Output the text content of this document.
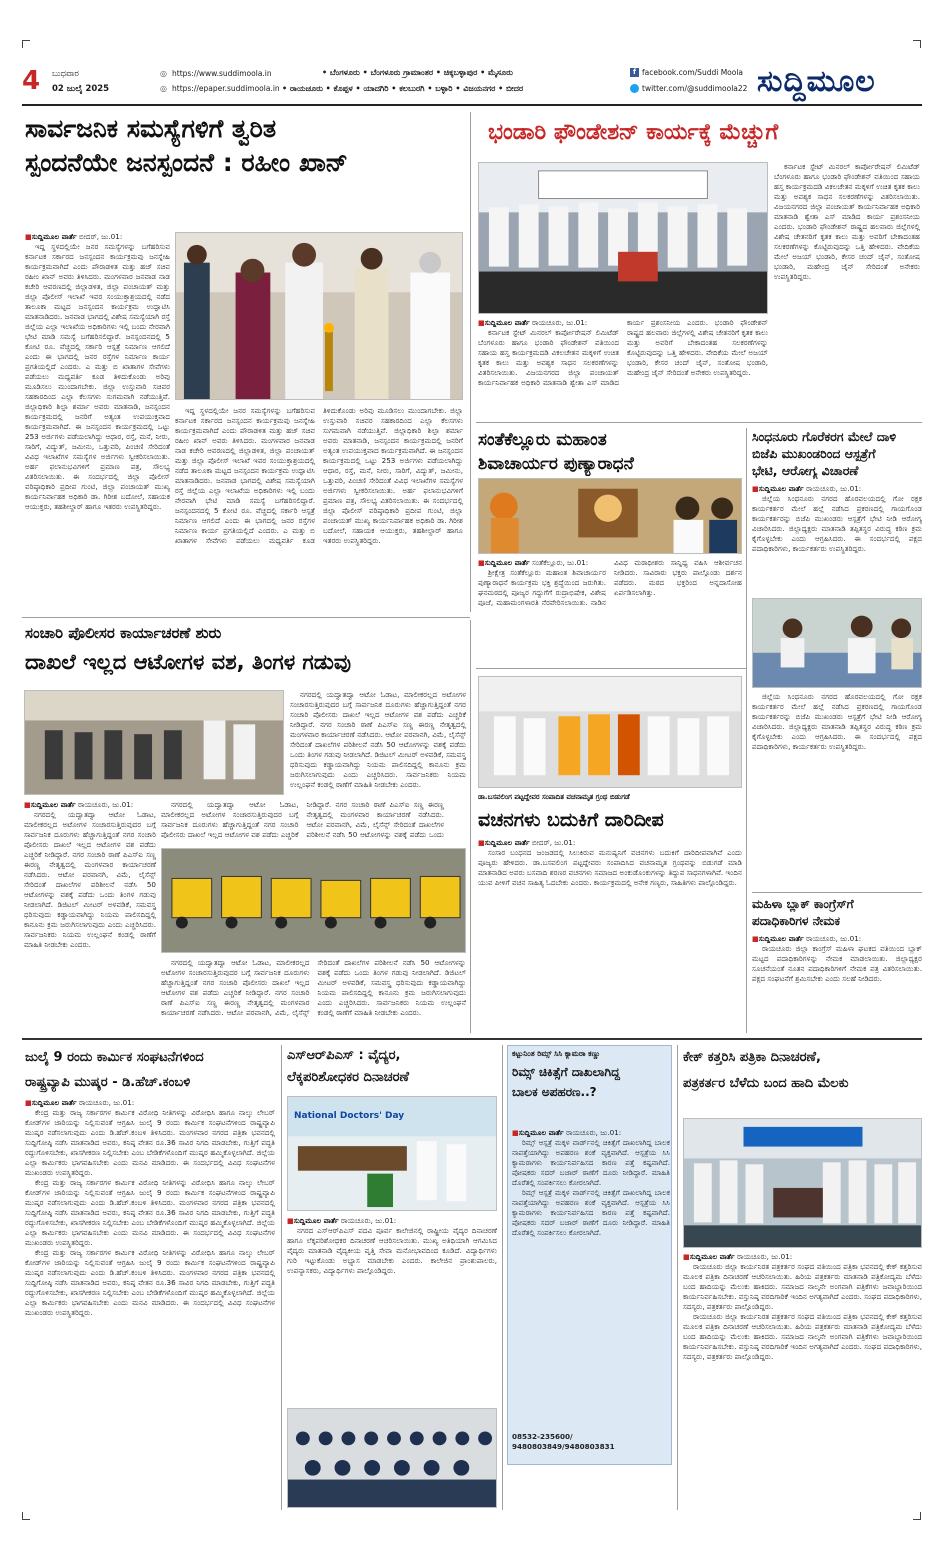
4 ಬುಧವಾರ
02 ಜುಲೈ 2025
◎ https://www.suddimoola.in
◎ https://epaper.suddimoola.in
• ಬೆಂಗಳೂರು • ಬೆಂಗಳೂರು ಗ್ರಾಮಾಂತರ • ಚಿಕ್ಕಬಳ್ಳಾಪುರ • ಮೈಸೂರು
• ರಾಯಚೂರು • ಕೊಪ್ಪಳ • ಯಾದಗಿರಿ • ಕಲಬುರಗಿ • ಬಳ್ಳಾರಿ • ವಿಜಯನಗರ • ಬೀದರ
f facebook.com/Suddi Moola
twitter.com/@suddimoola22 ಸುದ್ದಿಮೂಲ
ಸಾರ್ವಜನಿಕ ಸಮಸ್ಯೆಗಳಿಗೆ ತ್ವರಿತ
ಸ್ಪಂದನೆಯೇ ಜನಸ್ಪಂದನೆ : ರಹೀಂ ಖಾನ್
■ಸುದ್ದಿಮೂಲ ವಾರ್ತೆ ಬೀದರ್, ಜು.01:

ಇದ್ದ ಸ್ಥಳದಲ್ಲಿಯೇ ಜನರ ಸಮಸ್ಯೆಗಳನ್ನು ಬಗೆಹರಿಸುವ ಕರ್ನಾಟಕ ಸರ್ಕಾರದ ಜನಸ್ಪಂದನ ಕಾರ್ಯಕ್ರಮವು ಜನಸ್ನೇಹಿ ಕಾರ್ಯಕ್ರಮವಾಗಿದೆ ಎಂದು ಪೌರಾಡಳಿತ ಮತ್ತು ಹಜ್ ಸಚಿವ ರಹೀಂ ಖಾನ್ ಅವರು ತಿಳಿಸಿದರು. ಮಂಗಳವಾರ ಜನವಾಡ ನಾಡ ಕಚೇರಿ ಆವರಣದಲ್ಲಿ ಜಿಲ್ಲಾಡಳಿತ, ಜಿಲ್ಲಾ ಪಂಚಾಯತ್ ಮತ್ತು ಜಿಲ್ಲಾ ಪೊಲೀಸ್ ಇಲಾಖೆ ಇವರ ಸಂಯುಕ್ತಾಶ್ರಯದಲ್ಲಿ ನಡೆದ ತಾಲೂಕಾ ಮಟ್ಟದ ಜನಸ್ಪಂದನ ಕಾರ್ಯಕ್ರಮ ಉದ್ಘಾಟಿಸಿ ಮಾತನಾಡಿದರು. ಜನವಾಡ ಭಾಗದಲ್ಲಿ ವಿಶೇಷ ಸಮಸ್ಯೆಯಾಗಿ ರಸ್ತೆ ಜಿಲ್ಲೆಯ ಎಲ್ಲಾ ಇಲಾಖೆಯ ಅಧಿಕಾರಿಗಳು ಇಲ್ಲಿ ಬಂದು ನೇರವಾಗಿ ಭೇಟಿ ಮಾಡಿ ಸಮಸ್ಯೆ ಬಗೆಹರಿಸಲಿದ್ದಾರೆ. ಜನಸ್ಪಂದನದಲ್ಲಿ 5 ಕೋಟಿ ರೂ. ವೆಚ್ಚದಲ್ಲಿ ಸರ್ಕಾರಿ ಆಸ್ಪತ್ರೆ ನಿರ್ಮಾಣ ಆಗಲಿದೆ ಎಂದು ಈ ಭಾಗದಲ್ಲಿ ಜನರ ರಸ್ತೆಗಳ ನಿರ್ಮಾಣ ಕಾರ್ಯ ಪ್ರಗತಿಯಲ್ಲಿದೆ ಎಂದರು. ಎ ಮತ್ತು ಬಿ ಖಾತಾಗಳ ಸೇವೆಗಳು ಪಡೆಯಲು ಮಧ್ಯವರ್ತಿ ಕೂಡ ತಿಳಿದುಕೊಂಡು ಅರಿವು ಮೂಡಿಸಲು ಮುಂದಾಗಬೇಕು. ಜಿಲ್ಲಾ ಉಸ್ತುವಾರಿ ಸಚಿವರ ಸಹಕಾರದಿಂದ ಎಲ್ಲಾ ಕೆಲಸಗಳು ಸುಗಮವಾಗಿ ನಡೆಯುತ್ತಿವೆ. ಜಿಲ್ಲಾಧಿಕಾರಿ ಶಿಲ್ಪಾ ಶರ್ಮಾ ಅವರು ಮಾತನಾಡಿ, ಜನಸ್ಪಂದನ ಕಾರ್ಯಕ್ರಮದಲ್ಲಿ ಜನರಿಗೆ ಅತ್ಯಂತ ಉಪಯುಕ್ತವಾದ ಕಾರ್ಯಕ್ರಮವಾಗಿದೆ. ಈ ಜನಸ್ಪಂದನ ಕಾರ್ಯಕ್ರಮದಲ್ಲಿ ಒಟ್ಟು 253 ಅರ್ಜಿಗಳು ಪಡೆಯಲಾಗಿದ್ದು ಆಧಾರ, ರಸ್ತೆ, ಮನೆ, ನೀರು, ಸಾರಿಗೆ, ವಿದ್ಯುತ್, ಜಮೀನು, ಒತ್ತುವರಿ, ಪಿಂಚಣಿ ಸೇರಿದಂತೆ ವಿವಿಧ ಇಲಾಖೆಗಳ ಸಮಸ್ಯೆಗಳ ಅರ್ಜಿಗಳು ಸ್ವೀಕರಿಸಲಾಯಿತು. ಅರ್ಹ ಫಲಾನುಭವಿಗಳಿಗೆ ಪ್ರಮಾಣ ಪತ್ರ, ಸೌಲಭ್ಯ ವಿತರಿಸಲಾಯಿತು. ಈ ಸಂದರ್ಭದಲ್ಲಿ ಜಿಲ್ಲಾ ಪೊಲೀಸ್ ವರಿಷ್ಠಾಧಿಕಾರಿ ಪ್ರದೀಪ ಗುಂಟಿ, ಜಿಲ್ಲಾ ಪಂಚಾಯತ್ ಮುಖ್ಯ ಕಾರ್ಯನಿರ್ವಾಹಕ ಅಧಿಕಾರಿ ಡಾ. ಗಿರೀಶ ಬದೋಲೆ, ಸಹಾಯಕ ಆಯುಕ್ತರು, ತಹಶೀಲ್ದಾರ್ ಹಾಗೂ ಇತರರು ಉಪಸ್ಥಿತರಿದ್ದರು.

ಇದ್ದ ಸ್ಥಳದಲ್ಲಿಯೇ ಜನರ ಸಮಸ್ಯೆಗಳನ್ನು ಬಗೆಹರಿಸುವ ಕರ್ನಾಟಕ ಸರ್ಕಾರದ ಜನಸ್ಪಂದನ ಕಾರ್ಯಕ್ರಮವು ಜನಸ್ನೇಹಿ ಕಾರ್ಯಕ್ರಮವಾಗಿದೆ ಎಂದು ಪೌರಾಡಳಿತ ಮತ್ತು ಹಜ್ ಸಚಿವ ರಹೀಂ ಖಾನ್ ಅವರು ತಿಳಿಸಿದರು. ಮಂಗಳವಾರ ಜನವಾಡ ನಾಡ ಕಚೇರಿ ಆವರಣದಲ್ಲಿ ಜಿಲ್ಲಾಡಳಿತ, ಜಿಲ್ಲಾ ಪಂಚಾಯತ್ ಮತ್ತು ಜಿಲ್ಲಾ ಪೊಲೀಸ್ ಇಲಾಖೆ ಇವರ ಸಂಯುಕ್ತಾಶ್ರಯದಲ್ಲಿ ನಡೆದ ತಾಲೂಕಾ ಮಟ್ಟದ ಜನಸ್ಪಂದನ ಕಾರ್ಯಕ್ರಮ ಉದ್ಘಾಟಿಸಿ ಮಾತನಾಡಿದರು. ಜನವಾಡ ಭಾಗದಲ್ಲಿ ವಿಶೇಷ ಸಮಸ್ಯೆಯಾಗಿ ರಸ್ತೆ ಜಿಲ್ಲೆಯ ಎಲ್ಲಾ ಇಲಾಖೆಯ ಅಧಿಕಾರಿಗಳು ಇಲ್ಲಿ ಬಂದು ನೇರವಾಗಿ ಭೇಟಿ ಮಾಡಿ ಸಮಸ್ಯೆ ಬಗೆಹರಿಸಲಿದ್ದಾರೆ. ಜನಸ್ಪಂದನದಲ್ಲಿ 5 ಕೋಟಿ ರೂ. ವೆಚ್ಚದಲ್ಲಿ ಸರ್ಕಾರಿ ಆಸ್ಪತ್ರೆ ನಿರ್ಮಾಣ ಆಗಲಿದೆ ಎಂದು ಈ ಭಾಗದಲ್ಲಿ ಜನರ ರಸ್ತೆಗಳ ನಿರ್ಮಾಣ ಕಾರ್ಯ ಪ್ರಗತಿಯಲ್ಲಿದೆ ಎಂದರು. ಎ ಮತ್ತು ಬಿ ಖಾತಾಗಳ ಸೇವೆಗಳು ಪಡೆಯಲು ಮಧ್ಯವರ್ತಿ ಕೂಡ ತಿಳಿದುಕೊಂಡು ಅರಿವು ಮೂಡಿಸಲು ಮುಂದಾಗಬೇಕು. ಜಿಲ್ಲಾ ಉಸ್ತುವಾರಿ ಸಚಿವರ ಸಹಕಾರದಿಂದ ಎಲ್ಲಾ ಕೆಲಸಗಳು ಸುಗಮವಾಗಿ ನಡೆಯುತ್ತಿವೆ. ಜಿಲ್ಲಾಧಿಕಾರಿ ಶಿಲ್ಪಾ ಶರ್ಮಾ ಅವರು ಮಾತನಾಡಿ, ಜನಸ್ಪಂದನ ಕಾರ್ಯಕ್ರಮದಲ್ಲಿ ಜನರಿಗೆ ಅತ್ಯಂತ ಉಪಯುಕ್ತವಾದ ಕಾರ್ಯಕ್ರಮವಾಗಿದೆ. ಈ ಜನಸ್ಪಂದನ ಕಾರ್ಯಕ್ರಮದಲ್ಲಿ ಒಟ್ಟು 253 ಅರ್ಜಿಗಳು ಪಡೆಯಲಾಗಿದ್ದು ಆಧಾರ, ರಸ್ತೆ, ಮನೆ, ನೀರು, ಸಾರಿಗೆ, ವಿದ್ಯುತ್, ಜಮೀನು, ಒತ್ತುವರಿ, ಪಿಂಚಣಿ ಸೇರಿದಂತೆ ವಿವಿಧ ಇಲಾಖೆಗಳ ಸಮಸ್ಯೆಗಳ ಅರ್ಜಿಗಳು ಸ್ವೀಕರಿಸಲಾಯಿತು. ಅರ್ಹ ಫಲಾನುಭವಿಗಳಿಗೆ ಪ್ರಮಾಣ ಪತ್ರ, ಸೌಲಭ್ಯ ವಿತರಿಸಲಾಯಿತು. ಈ ಸಂದರ್ಭದಲ್ಲಿ ಜಿಲ್ಲಾ ಪೊಲೀಸ್ ವರಿಷ್ಠಾಧಿಕಾರಿ ಪ್ರದೀಪ ಗುಂಟಿ, ಜಿಲ್ಲಾ ಪಂಚಾಯತ್ ಮುಖ್ಯ ಕಾರ್ಯನಿರ್ವಾಹಕ ಅಧಿಕಾರಿ ಡಾ. ಗಿರೀಶ ಬದೋಲೆ, ಸಹಾಯಕ ಆಯುಕ್ತರು, ತಹಶೀಲ್ದಾರ್ ಹಾಗೂ ಇತರರು ಉಪಸ್ಥಿತರಿದ್ದರು.

ಭಂಡಾರಿ ಫೌಂಡೇಶನ್ ಕಾರ್ಯಕ್ಕೆ ಮೆಚ್ಚುಗೆ
■ಸುದ್ದಿಮೂಲ ವಾರ್ತೆ ರಾಯಚೂರು, ಜು.01:

ಕರ್ನಾಟಕ ಸ್ಟೇಟ್ ಮಿನರಲ್ ಕಾರ್ಪೋರೇಷನ್ ಲಿಮಿಟೆಡ್ ಬೆಂಗಳೂರು ಹಾಗೂ ಭಂಡಾರಿ ಫೌಂಡೇಶನ್ ವತಿಯಿಂದ ಸಹಾಯ ಹಸ್ತ ಕಾರ್ಯಕ್ರಮದಡಿ ವಿಕಲಚೇತನ ಮಕ್ಕಳಿಗೆ ಉಚಿತ ಕೃತಕ ಕಾಲು ಮತ್ತು ಅವಶ್ಯಕ ಸಾಧನ ಸಲಕರಣೆಗಳನ್ನು ವಿತರಿಸಲಾಯಿತು. ವಿಜಯನಗರದ ಜಿಲ್ಲಾ ಪಂಚಾಯತ್ ಕಾರ್ಯನಿರ್ವಾಹಕ ಅಧಿಕಾರಿ ಮಾತನಾಡಿ ಶ್ವೇತಾ ಎಸ್ ಮಾಡಿದ ಕಾರ್ಯ ಪ್ರಶಂಸನೀಯ ಎಂದರು. ಭಂಡಾರಿ ಫೌಂಡೇಶನ್ ರಾಷ್ಟ್ರದ ಹಲವಾರು ಜಿಲ್ಲೆಗಳಲ್ಲಿ ವಿಶೇಷ ಚೇತನರಿಗೆ ಕೃತಕ ಕಾಲು ಮತ್ತು ಅವರಿಗೆ ಬೇಕಾದಂತಹ ಸಲಕರಣೆಗಳನ್ನು ಕೊಟ್ಟಿರುವುದನ್ನು ಒತ್ತಿ ಹೇಳಿದರು. ವೇದಿಕೆಯ ಮೇಲೆ ಅಜಯ್ ಭಂಡಾರಿ, ಕೇಸರ ಚಂದ್ ಜೈನ್, ಸಂತೋಷ ಭಂಡಾರಿ, ಮಹೇಂದ್ರ ಜೈನ್ ಸೇರಿದಂತೆ ಅನೇಕರು ಉಪಸ್ಥಿತರಿದ್ದರು.

ಕರ್ನಾಟಕ ಸ್ಟೇಟ್ ಮಿನರಲ್ ಕಾರ್ಪೋರೇಷನ್ ಲಿಮಿಟೆಡ್ ಬೆಂಗಳೂರು ಹಾಗೂ ಭಂಡಾರಿ ಫೌಂಡೇಶನ್ ವತಿಯಿಂದ ಸಹಾಯ ಹಸ್ತ ಕಾರ್ಯಕ್ರಮದಡಿ ವಿಕಲಚೇತನ ಮಕ್ಕಳಿಗೆ ಉಚಿತ ಕೃತಕ ಕಾಲು ಮತ್ತು ಅವಶ್ಯಕ ಸಾಧನ ಸಲಕರಣೆಗಳನ್ನು ವಿತರಿಸಲಾಯಿತು. ವಿಜಯನಗರದ ಜಿಲ್ಲಾ ಪಂಚಾಯತ್ ಕಾರ್ಯನಿರ್ವಾಹಕ ಅಧಿಕಾರಿ ಮಾತನಾಡಿ ಶ್ವೇತಾ ಎಸ್ ಮಾಡಿದ ಕಾರ್ಯ ಪ್ರಶಂಸನೀಯ ಎಂದರು. ಭಂಡಾರಿ ಫೌಂಡೇಶನ್ ರಾಷ್ಟ್ರದ ಹಲವಾರು ಜಿಲ್ಲೆಗಳಲ್ಲಿ ವಿಶೇಷ ಚೇತನರಿಗೆ ಕೃತಕ ಕಾಲು ಮತ್ತು ಅವರಿಗೆ ಬೇಕಾದಂತಹ ಸಲಕರಣೆಗಳನ್ನು ಕೊಟ್ಟಿರುವುದನ್ನು ಒತ್ತಿ ಹೇಳಿದರು. ವೇದಿಕೆಯ ಮೇಲೆ ಅಜಯ್ ಭಂಡಾರಿ, ಕೇಸರ ಚಂದ್ ಜೈನ್, ಸಂತೋಷ ಭಂಡಾರಿ, ಮಹೇಂದ್ರ ಜೈನ್ ಸೇರಿದಂತೆ ಅನೇಕರು ಉಪಸ್ಥಿತರಿದ್ದರು.

ಸಂತೆಕೆಲ್ಲೂರು ಮಹಾಂತ
ಶಿವಾಚಾರ್ಯರ ಪುಣ್ಯಾರಾಧನೆ
■ಸುದ್ದಿಮೂಲ ವಾರ್ತೆ ಸಂತೆಕೆಲ್ಲೂರು, ಜು.01:

ಶ್ರೀಕ್ಷೇತ್ರ ಸಂತೆಕೆಲ್ಲೂರು ಮಹಾಂತ ಶಿವಾಚಾರ್ಯರ ಪುಣ್ಯಾರಾಧನೆ ಕಾರ್ಯಕ್ರಮ ಭಕ್ತಿ ಶ್ರದ್ಧೆಯಿಂದ ಜರುಗಿತು. ಘನಮಠದಲ್ಲಿ ಪೂಜ್ಯರ ಗದ್ದುಗೆಗೆ ರುದ್ರಾಭಿಷೇಕ, ವಿಶೇಷ ಪೂಜೆ, ಮಹಾಮಂಗಳಾರತಿ ನೆರವೇರಿಸಲಾಯಿತು. ನಾಡಿನ ವಿವಿಧ ಮಠಾಧೀಶರು ಸಾನ್ನಿಧ್ಯ ವಹಿಸಿ ಆಶೀರ್ವಚನ ನೀಡಿದರು. ಸಾವಿರಾರು ಭಕ್ತರು ಪಾಲ್ಗೊಂಡು ದರ್ಶನ ಪಡೆದರು. ಮಠದ ಭಕ್ತರಿಂದ ಅನ್ನದಾಸೋಹ ಏರ್ಪಡಿಸಲಾಗಿತ್ತು.

ಸಿಂಧನೂರು ಗೊರೆಕರಗ ಮೇಲೆ ದಾಳಿ
ಬಿಜೆಪಿ ಮುಖಂಡರಿಂದ ಆಸ್ಪತ್ರೆಗೆ
ಭೇಟಿ, ಆರೋಗ್ಯ ವಿಚಾರಣೆ
■ಸುದ್ದಿಮೂಲ ವಾರ್ತೆ ರಾಯಚೂರು, ಜು.01:

ಜಿಲ್ಲೆಯ ಸಿಂಧನೂರು ನಗರದ ಹೊರವಲಯದಲ್ಲಿ ಗೋ ರಕ್ಷಕ ಕಾರ್ಯಕರ್ತರ ಮೇಲೆ ಹಲ್ಲೆ ನಡೆಸಿದ ಪ್ರಕರಣದಲ್ಲಿ ಗಾಯಗೊಂಡ ಕಾರ್ಯಕರ್ತರನ್ನು ಬಿಜೆಪಿ ಮುಖಂಡರು ಆಸ್ಪತ್ರೆಗೆ ಭೇಟಿ ನೀಡಿ ಆರೋಗ್ಯ ವಿಚಾರಿಸಿದರು. ಜಿಲ್ಲಾಧ್ಯಕ್ಷರು ಮಾತನಾಡಿ ತಪ್ಪಿತಸ್ಥರ ವಿರುದ್ಧ ಕಠಿಣ ಕ್ರಮ ಕೈಗೊಳ್ಳಬೇಕು ಎಂದು ಆಗ್ರಹಿಸಿದರು. ಈ ಸಂದರ್ಭದಲ್ಲಿ ಪಕ್ಷದ ಪದಾಧಿಕಾರಿಗಳು, ಕಾರ್ಯಕರ್ತರು ಉಪಸ್ಥಿತರಿದ್ದರು.

ಜಿಲ್ಲೆಯ ಸಿಂಧನೂರು ನಗರದ ಹೊರವಲಯದಲ್ಲಿ ಗೋ ರಕ್ಷಕ ಕಾರ್ಯಕರ್ತರ ಮೇಲೆ ಹಲ್ಲೆ ನಡೆಸಿದ ಪ್ರಕರಣದಲ್ಲಿ ಗಾಯಗೊಂಡ ಕಾರ್ಯಕರ್ತರನ್ನು ಬಿಜೆಪಿ ಮುಖಂಡರು ಆಸ್ಪತ್ರೆಗೆ ಭೇಟಿ ನೀಡಿ ಆರೋಗ್ಯ ವಿಚಾರಿಸಿದರು. ಜಿಲ್ಲಾಧ್ಯಕ್ಷರು ಮಾತನಾಡಿ ತಪ್ಪಿತಸ್ಥರ ವಿರುದ್ಧ ಕಠಿಣ ಕ್ರಮ ಕೈಗೊಳ್ಳಬೇಕು ಎಂದು ಆಗ್ರಹಿಸಿದರು. ಈ ಸಂದರ್ಭದಲ್ಲಿ ಪಕ್ಷದ ಪದಾಧಿಕಾರಿಗಳು, ಕಾರ್ಯಕರ್ತರು ಉಪಸ್ಥಿತರಿದ್ದರು.

ಸಂಚಾರಿ ಪೊಲೀಸರ ಕಾರ್ಯಾಚರಣೆ ಶುರು
ದಾಖಲೆ ಇಲ್ಲದ ಆಟೋಗಳ ವಶ, ತಿಂಗಳ ಗಡುವು
■ಸುದ್ದಿಮೂಲ ವಾರ್ತೆ ರಾಯಚೂರು, ಜು.01:

ನಗರದಲ್ಲಿ ಯದ್ವಾತದ್ವಾ ಆಟೋ ಓಡಾಟ, ಮಾಲೀಕರಲ್ಲದ ಅಟೋಗಳ ಸಂಚಾರಸುತ್ತಿರುವುದರ ಬಗ್ಗೆ ಸಾರ್ವಜನಿಕ ದೂರುಗಳು ಹೆಚ್ಚಾಗುತ್ತಿದ್ದಂತೆ ನಗರ ಸಂಚಾರಿ ಪೊಲೀಸರು ದಾಖಲೆ ಇಲ್ಲದ ಆಟೋಗಳ ವಶ ಪಡೆದು ಎಚ್ಚರಿಕೆ ನೀಡಿದ್ದಾರೆ. ನಗರ ಸಂಚಾರಿ ಠಾಣೆ ಪಿಎಸ್‌ಐ ಸಣ್ಣ ಈರಣ್ಣ ನೇತೃತ್ವದಲ್ಲಿ ಮಂಗಳವಾರ ಕಾರ್ಯಾಚರಣೆ ನಡೆಸಿದರು. ಆಟೋ ಪರವಾನಗಿ, ವಿಮೆ, ಲೈಸೆನ್ಸ್ ಸೇರಿದಂತೆ ದಾಖಲೆಗಳ ಪರಿಶೀಲನೆ ನಡೆಸಿ 50 ಆಟೋಗಳನ್ನು ವಶಕ್ಕೆ ಪಡೆದು ಒಂದು ತಿಂಗಳ ಗಡುವು ನೀಡಲಾಗಿದೆ. ಡಿಜಿಟಲ್ ಮೀಟರ್ ಅಳವಡಿಕೆ, ಸಮವಸ್ತ್ರ ಧರಿಸುವುದು ಕಡ್ಡಾಯವಾಗಿದ್ದು ನಿಯಮ ಪಾಲಿಸದಿದ್ದಲ್ಲಿ ಕಾನೂನು ಕ್ರಮ ಜರುಗಿಸಲಾಗುವುದು ಎಂದು ಎಚ್ಚರಿಸಿದರು. ಸಾರ್ವಜನಿಕರು ನಿಯಮ ಉಲ್ಲಂಘನೆ ಕಂಡಲ್ಲಿ ಠಾಣೆಗೆ ಮಾಹಿತಿ ನೀಡಬೇಕು ಎಂದರು.

ನಗರದಲ್ಲಿ ಯದ್ವಾತದ್ವಾ ಆಟೋ ಓಡಾಟ, ಮಾಲೀಕರಲ್ಲದ ಅಟೋಗಳ ಸಂಚಾರಸುತ್ತಿರುವುದರ ಬಗ್ಗೆ ಸಾರ್ವಜನಿಕ ದೂರುಗಳು ಹೆಚ್ಚಾಗುತ್ತಿದ್ದಂತೆ ನಗರ ಸಂಚಾರಿ ಪೊಲೀಸರು ದಾಖಲೆ ಇಲ್ಲದ ಆಟೋಗಳ ವಶ ಪಡೆದು ಎಚ್ಚರಿಕೆ ನೀಡಿದ್ದಾರೆ. ನಗರ ಸಂಚಾರಿ ಠಾಣೆ ಪಿಎಸ್‌ಐ ಸಣ್ಣ ಈರಣ್ಣ ನೇತೃತ್ವದಲ್ಲಿ ಮಂಗಳವಾರ ಕಾರ್ಯಾಚರಣೆ ನಡೆಸಿದರು. ಆಟೋ ಪರವಾನಗಿ, ವಿಮೆ, ಲೈಸೆನ್ಸ್ ಸೇರಿದಂತೆ ದಾಖಲೆಗಳ ಪರಿಶೀಲನೆ ನಡೆಸಿ 50 ಆಟೋಗಳನ್ನು ವಶಕ್ಕೆ ಪಡೆದು ಒಂದು

ನಗರದಲ್ಲಿ ಯದ್ವಾತದ್ವಾ ಆಟೋ ಓಡಾಟ, ಮಾಲೀಕರಲ್ಲದ ಅಟೋಗಳ ಸಂಚಾರಸುತ್ತಿರುವುದರ ಬಗ್ಗೆ ಸಾರ್ವಜನಿಕ ದೂರುಗಳು ಹೆಚ್ಚಾಗುತ್ತಿದ್ದಂತೆ ನಗರ ಸಂಚಾರಿ ಪೊಲೀಸರು ದಾಖಲೆ ಇಲ್ಲದ ಆಟೋಗಳ ವಶ ಪಡೆದು ಎಚ್ಚರಿಕೆ ನೀಡಿದ್ದಾರೆ. ನಗರ ಸಂಚಾರಿ ಠಾಣೆ ಪಿಎಸ್‌ಐ ಸಣ್ಣ ಈರಣ್ಣ ನೇತೃತ್ವದಲ್ಲಿ ಮಂಗಳವಾರ ಕಾರ್ಯಾಚರಣೆ ನಡೆಸಿದರು. ಆಟೋ ಪರವಾನಗಿ, ವಿಮೆ, ಲೈಸೆನ್ಸ್ ಸೇರಿದಂತೆ ದಾಖಲೆಗಳ ಪರಿಶೀಲನೆ ನಡೆಸಿ 50 ಆಟೋಗಳನ್ನು ವಶಕ್ಕೆ ಪಡೆದು ಒಂದು ತಿಂಗಳ ಗಡುವು ನೀಡಲಾಗಿದೆ. ಡಿಜಿಟಲ್ ಮೀಟರ್ ಅಳವಡಿಕೆ, ಸಮವಸ್ತ್ರ ಧರಿಸುವುದು ಕಡ್ಡಾಯವಾಗಿದ್ದು ನಿಯಮ ಪಾಲಿಸದಿದ್ದಲ್ಲಿ ಕಾನೂನು ಕ್ರಮ ಜರುಗಿಸಲಾಗುವುದು ಎಂದು ಎಚ್ಚರಿಸಿದರು. ಸಾರ್ವಜನಿಕರು ನಿಯಮ ಉಲ್ಲಂಘನೆ ಕಂಡಲ್ಲಿ ಠಾಣೆಗೆ ಮಾಹಿತಿ ನೀಡಬೇಕು ಎಂದರು.

ನಗರದಲ್ಲಿ ಯದ್ವಾತದ್ವಾ ಆಟೋ ಓಡಾಟ, ಮಾಲೀಕರಲ್ಲದ ಅಟೋಗಳ ಸಂಚಾರಸುತ್ತಿರುವುದರ ಬಗ್ಗೆ ಸಾರ್ವಜನಿಕ ದೂರುಗಳು ಹೆಚ್ಚಾಗುತ್ತಿದ್ದಂತೆ ನಗರ ಸಂಚಾರಿ ಪೊಲೀಸರು ದಾಖಲೆ ಇಲ್ಲದ ಆಟೋಗಳ ವಶ ಪಡೆದು ಎಚ್ಚರಿಕೆ ನೀಡಿದ್ದಾರೆ. ನಗರ ಸಂಚಾರಿ ಠಾಣೆ ಪಿಎಸ್‌ಐ ಸಣ್ಣ ಈರಣ್ಣ ನೇತೃತ್ವದಲ್ಲಿ ಮಂಗಳವಾರ ಕಾರ್ಯಾಚರಣೆ ನಡೆಸಿದರು. ಆಟೋ ಪರವಾನಗಿ, ವಿಮೆ, ಲೈಸೆನ್ಸ್ ಸೇರಿದಂತೆ ದಾಖಲೆಗಳ ಪರಿಶೀಲನೆ ನಡೆಸಿ 50 ಆಟೋಗಳನ್ನು ವಶಕ್ಕೆ ಪಡೆದು ಒಂದು ತಿಂಗಳ ಗಡುವು ನೀಡಲಾಗಿದೆ. ಡಿಜಿಟಲ್ ಮೀಟರ್ ಅಳವಡಿಕೆ, ಸಮವಸ್ತ್ರ ಧರಿಸುವುದು ಕಡ್ಡಾಯವಾಗಿದ್ದು ನಿಯಮ ಪಾಲಿಸದಿದ್ದಲ್ಲಿ ಕಾನೂನು ಕ್ರಮ ಜರುಗಿಸಲಾಗುವುದು ಎಂದು ಎಚ್ಚರಿಸಿದರು. ಸಾರ್ವಜನಿಕರು ನಿಯಮ ಉಲ್ಲಂಘನೆ ಕಂಡಲ್ಲಿ ಠಾಣೆಗೆ ಮಾಹಿತಿ ನೀಡಬೇಕು ಎಂದರು.

ಡಾ.ಬಸವಲಿಂಗ ಪಟ್ಟದ್ದೇವರ ಸಂಪಾದಿತ ವಚನಾಮೃತ ಗ್ರಂಥ ಬಿಡುಗಡೆ
ವಚನಗಳು ಬದುಕಿಗೆ ದಾರಿದೀಪ
■ಸುದ್ದಿಮೂಲ ವಾರ್ತೆ ಬೀದರ್, ಜು.01:

ಸಂಸಾರ ಬಂಧನದ ಜಂಜಡದಲ್ಲಿ ಸಿಲುಕಿರುವ ಮನುಷ್ಯನಿಗೆ ವಚನಗಳು ಬದುಕಿಗೆ ದಾರಿದೀಪವಾಗಿವೆ ಎಂದು ಪೂಜ್ಯರು ಹೇಳಿದರು. ಡಾ.ಬಸವಲಿಂಗ ಪಟ್ಟದ್ದೇವರು ಸಂಪಾದಿಸಿದ ವಚನಾಮೃತ ಗ್ರಂಥವನ್ನು ಬಿಡುಗಡೆ ಮಾಡಿ ಮಾತನಾಡಿದ ಅವರು ಬಸವಾದಿ ಶರಣರ ವಚನಗಳು ಸಮಾಜದ ಅಂಕುಡೊಂಕುಗಳನ್ನು ತಿದ್ದುವ ಸಾಧನಗಳಾಗಿವೆ. ಇಂದಿನ ಯುವ ಪೀಳಿಗೆ ವಚನ ಸಾಹಿತ್ಯ ಓದಬೇಕು ಎಂದರು. ಕಾರ್ಯಕ್ರಮದಲ್ಲಿ ಅನೇಕ ಗಣ್ಯರು, ಸಾಹಿತಿಗಳು ಪಾಲ್ಗೊಂಡಿದ್ದರು.

ಮಹಿಳಾ ಬ್ಲಾಕ್ ಕಾಂಗ್ರೆಸ್‌ಗೆ
ಪದಾಧಿಕಾರಿಗಳ ನೇಮಕ
■ಸುದ್ದಿಮೂಲ ವಾರ್ತೆ ರಾಯಚೂರು, ಜು.01:

ರಾಯಚೂರು ಜಿಲ್ಲಾ ಕಾಂಗ್ರೆಸ್ ಮಹಿಳಾ ಘಟಕದ ವತಿಯಿಂದ ಬ್ಲಾಕ್ ಮಟ್ಟದ ಪದಾಧಿಕಾರಿಗಳನ್ನು ನೇಮಕ ಮಾಡಲಾಯಿತು. ಜಿಲ್ಲಾಧ್ಯಕ್ಷರ ಸೂಚನೆಯಂತೆ ನೂತನ ಪದಾಧಿಕಾರಿಗಳಿಗೆ ನೇಮಕ ಪತ್ರ ವಿತರಿಸಲಾಯಿತು. ಪಕ್ಷದ ಸಂಘಟನೆಗೆ ಶ್ರಮಿಸಬೇಕು ಎಂದು ಸಲಹೆ ನೀಡಿದರು.

ಜುಲೈ 9 ರಂದು ಕಾರ್ಮಿಕ ಸಂಘಟನೆಗಳಿಂದ
ರಾಷ್ಟ್ರವ್ಯಾಪಿ ಮುಷ್ಕರ - ಡಿ.ಹೆಚ್.ಕಂಬಳಿ
■ಸುದ್ದಿಮೂಲ ವಾರ್ತೆ ರಾಯಚೂರು, ಜು.01:

ಕೇಂದ್ರ ಮತ್ತು ರಾಜ್ಯ ಸರ್ಕಾರಗಳ ಕಾರ್ಮಿಕ ವಿರೋಧಿ ನೀತಿಗಳನ್ನು ವಿರೋಧಿಸಿ ಹಾಗೂ ನಾಲ್ಕು ಲೇಬರ್ ಕೋಡ್‌ಗಳ ಜಾರಿಯನ್ನು ನಿಲ್ಲಿಸುವಂತೆ ಆಗ್ರಹಿಸಿ ಜುಲೈ 9 ರಂದು ಕಾರ್ಮಿಕ ಸಂಘಟನೆಗಳಿಂದ ರಾಷ್ಟ್ರವ್ಯಾಪಿ ಮುಷ್ಕರ ನಡೆಸಲಾಗುವುದು ಎಂದು ಡಿ.ಹೆಚ್.ಕಂಬಳಿ ತಿಳಿಸಿದರು. ಮಂಗಳವಾರ ನಗರದ ಪತ್ರಿಕಾ ಭವನದಲ್ಲಿ ಸುದ್ದಿಗೋಷ್ಠಿ ನಡೆಸಿ ಮಾತನಾಡಿದ ಅವರು, ಕನಿಷ್ಠ ವೇತನ ರೂ.36 ಸಾವಿರ ನಿಗದಿ ಮಾಡಬೇಕು, ಗುತ್ತಿಗೆ ಪದ್ಧತಿ ರದ್ದುಗೊಳಿಸಬೇಕು, ಖಾಸಗೀಕರಣ ನಿಲ್ಲಿಸಬೇಕು ಎಂಬ ಬೇಡಿಕೆಗಳೊಂದಿಗೆ ಮುಷ್ಕರ ಹಮ್ಮಿಕೊಳ್ಳಲಾಗಿದೆ. ಜಿಲ್ಲೆಯ ಎಲ್ಲಾ ಕಾರ್ಮಿಕರು ಭಾಗವಹಿಸಬೇಕು ಎಂದು ಮನವಿ ಮಾಡಿದರು. ಈ ಸಂದರ್ಭದಲ್ಲಿ ವಿವಿಧ ಸಂಘಟನೆಗಳ ಮುಖಂಡರು ಉಪಸ್ಥಿತರಿದ್ದರು.

ಕೇಂದ್ರ ಮತ್ತು ರಾಜ್ಯ ಸರ್ಕಾರಗಳ ಕಾರ್ಮಿಕ ವಿರೋಧಿ ನೀತಿಗಳನ್ನು ವಿರೋಧಿಸಿ ಹಾಗೂ ನಾಲ್ಕು ಲೇಬರ್ ಕೋಡ್‌ಗಳ ಜಾರಿಯನ್ನು ನಿಲ್ಲಿಸುವಂತೆ ಆಗ್ರಹಿಸಿ ಜುಲೈ 9 ರಂದು ಕಾರ್ಮಿಕ ಸಂಘಟನೆಗಳಿಂದ ರಾಷ್ಟ್ರವ್ಯಾಪಿ ಮುಷ್ಕರ ನಡೆಸಲಾಗುವುದು ಎಂದು ಡಿ.ಹೆಚ್.ಕಂಬಳಿ ತಿಳಿಸಿದರು. ಮಂಗಳವಾರ ನಗರದ ಪತ್ರಿಕಾ ಭವನದಲ್ಲಿ ಸುದ್ದಿಗೋಷ್ಠಿ ನಡೆಸಿ ಮಾತನಾಡಿದ ಅವರು, ಕನಿಷ್ಠ ವೇತನ ರೂ.36 ಸಾವಿರ ನಿಗದಿ ಮಾಡಬೇಕು, ಗುತ್ತಿಗೆ ಪದ್ಧತಿ ರದ್ದುಗೊಳಿಸಬೇಕು, ಖಾಸಗೀಕರಣ ನಿಲ್ಲಿಸಬೇಕು ಎಂಬ ಬೇಡಿಕೆಗಳೊಂದಿಗೆ ಮುಷ್ಕರ ಹಮ್ಮಿಕೊಳ್ಳಲಾಗಿದೆ. ಜಿಲ್ಲೆಯ ಎಲ್ಲಾ ಕಾರ್ಮಿಕರು ಭಾಗವಹಿಸಬೇಕು ಎಂದು ಮನವಿ ಮಾಡಿದರು. ಈ ಸಂದರ್ಭದಲ್ಲಿ ವಿವಿಧ ಸಂಘಟನೆಗಳ ಮುಖಂಡರು ಉಪಸ್ಥಿತರಿದ್ದರು.

ಕೇಂದ್ರ ಮತ್ತು ರಾಜ್ಯ ಸರ್ಕಾರಗಳ ಕಾರ್ಮಿಕ ವಿರೋಧಿ ನೀತಿಗಳನ್ನು ವಿರೋಧಿಸಿ ಹಾಗೂ ನಾಲ್ಕು ಲೇಬರ್ ಕೋಡ್‌ಗಳ ಜಾರಿಯನ್ನು ನಿಲ್ಲಿಸುವಂತೆ ಆಗ್ರಹಿಸಿ ಜುಲೈ 9 ರಂದು ಕಾರ್ಮಿಕ ಸಂಘಟನೆಗಳಿಂದ ರಾಷ್ಟ್ರವ್ಯಾಪಿ ಮುಷ್ಕರ ನಡೆಸಲಾಗುವುದು ಎಂದು ಡಿ.ಹೆಚ್.ಕಂಬಳಿ ತಿಳಿಸಿದರು. ಮಂಗಳವಾರ ನಗರದ ಪತ್ರಿಕಾ ಭವನದಲ್ಲಿ ಸುದ್ದಿಗೋಷ್ಠಿ ನಡೆಸಿ ಮಾತನಾಡಿದ ಅವರು, ಕನಿಷ್ಠ ವೇತನ ರೂ.36 ಸಾವಿರ ನಿಗದಿ ಮಾಡಬೇಕು, ಗುತ್ತಿಗೆ ಪದ್ಧತಿ ರದ್ದುಗೊಳಿಸಬೇಕು, ಖಾಸಗೀಕರಣ ನಿಲ್ಲಿಸಬೇಕು ಎಂಬ ಬೇಡಿಕೆಗಳೊಂದಿಗೆ ಮುಷ್ಕರ ಹಮ್ಮಿಕೊಳ್ಳಲಾಗಿದೆ. ಜಿಲ್ಲೆಯ ಎಲ್ಲಾ ಕಾರ್ಮಿಕರು ಭಾಗವಹಿಸಬೇಕು ಎಂದು ಮನವಿ ಮಾಡಿದರು. ಈ ಸಂದರ್ಭದಲ್ಲಿ ವಿವಿಧ ಸಂಘಟನೆಗಳ ಮುಖಂಡರು ಉಪಸ್ಥಿತರಿದ್ದರು.

ಎಸ್‌ಆರ್‌ಪಿಎಸ್ : ವೈದ್ಯರ,
ಲೆಕ್ಕಪರಿಶೋಧಕರ ದಿನಾಚರಣೆ
National Doctors' Day
■ಸುದ್ದಿಮೂಲ ವಾರ್ತೆ ರಾಯಚೂರು, ಜು.01:

ನಗರದ ಎಸ್‌ಆರ್‌ಪಿಎಸ್ ಪದವಿ ಪೂರ್ವ ಕಾಲೇಜಿನಲ್ಲಿ ರಾಷ್ಟ್ರೀಯ ವೈದ್ಯರ ದಿನಾಚರಣೆ ಹಾಗೂ ಲೆಕ್ಕಪರಿಶೋಧಕರ ದಿನಾಚರಣೆ ಆಚರಿಸಲಾಯಿತು. ಮುಖ್ಯ ಅತಿಥಿಯಾಗಿ ಆಗಮಿಸಿದ ವೈದ್ಯರು ಮಾತನಾಡಿ ವೈದ್ಯಕೀಯ ವೃತ್ತಿ ಸೇವಾ ಮನೋಭಾವದಿಂದ ಕೂಡಿದೆ. ವಿದ್ಯಾರ್ಥಿಗಳು ಗುರಿ ಇಟ್ಟುಕೊಂಡು ಅಭ್ಯಾಸ ಮಾಡಬೇಕು ಎಂದರು. ಕಾಲೇಜಿನ ಪ್ರಾಂಶುಪಾಲರು, ಉಪನ್ಯಾಸಕರು, ವಿದ್ಯಾರ್ಥಿಗಳು ಪಾಲ್ಗೊಂಡಿದ್ದರು.

ಕಟ್ಟುನಿಂತ ರಿಮ್ಸ್ ಸಿಸಿ ಕ್ಯಾಮರಾ ಕಣ್ಣು
ರಿಮ್ಸ್ ಚಿಕಿತ್ಸೆಗೆ ದಾಖಲಾಗಿದ್ದ
ಬಾಲಕ ಅಪಹರಣ..?
■ಸುದ್ದಿಮೂಲ ವಾರ್ತೆ ರಾಯಚೂರು, ಜು.01:

ರಿಮ್ಸ್ ಆಸ್ಪತ್ರೆ ಮಕ್ಕಳ ವಾರ್ಡ್‌ನಲ್ಲಿ ಚಿಕಿತ್ಸೆಗೆ ದಾಖಲಾಗಿದ್ದ ಬಾಲಕ ನಾಪತ್ತೆಯಾಗಿದ್ದು ಅಪಹರಣ ಶಂಕೆ ವ್ಯಕ್ತವಾಗಿದೆ. ಆಸ್ಪತ್ರೆಯ ಸಿಸಿ ಕ್ಯಾಮರಾಗಳು ಕಾರ್ಯನಿರ್ವಹಿಸದ ಕಾರಣ ಪತ್ತೆ ಕಷ್ಟವಾಗಿದೆ. ಪೋಷಕರು ಸದರ್ ಬಜಾರ್ ಠಾಣೆಗೆ ದೂರು ನೀಡಿದ್ದಾರೆ. ಮಾಹಿತಿ ದೊರೆತಲ್ಲಿ ಸಂಪರ್ಕಿಸಲು ಕೋರಲಾಗಿದೆ.

ರಿಮ್ಸ್ ಆಸ್ಪತ್ರೆ ಮಕ್ಕಳ ವಾರ್ಡ್‌ನಲ್ಲಿ ಚಿಕಿತ್ಸೆಗೆ ದಾಖಲಾಗಿದ್ದ ಬಾಲಕ ನಾಪತ್ತೆಯಾಗಿದ್ದು ಅಪಹರಣ ಶಂಕೆ ವ್ಯಕ್ತವಾಗಿದೆ. ಆಸ್ಪತ್ರೆಯ ಸಿಸಿ ಕ್ಯಾಮರಾಗಳು ಕಾರ್ಯನಿರ್ವಹಿಸದ ಕಾರಣ ಪತ್ತೆ ಕಷ್ಟವಾಗಿದೆ. ಪೋಷಕರು ಸದರ್ ಬಜಾರ್ ಠಾಣೆಗೆ ದೂರು ನೀಡಿದ್ದಾರೆ. ಮಾಹಿತಿ ದೊರೆತಲ್ಲಿ ಸಂಪರ್ಕಿಸಲು ಕೋರಲಾಗಿದೆ.

08532-235600/ 9480803849/9480803831
ಕೇಕ್ ಕತ್ತರಿಸಿ ಪತ್ರಿಕಾ ದಿನಾಚರಣೆ,
ಪತ್ರಕರ್ತರ ಬೆಳೆದು ಬಂದ ಹಾದಿ ಮೆಲಕು
■ಸುದ್ದಿಮೂಲ ವಾರ್ತೆ ರಾಯಚೂರು, ಜು.01:

ರಾಯಚೂರು ಜಿಲ್ಲಾ ಕಾರ್ಯನಿರತ ಪತ್ರಕರ್ತರ ಸಂಘದ ವತಿಯಿಂದ ಪತ್ರಿಕಾ ಭವನದಲ್ಲಿ ಕೇಕ್ ಕತ್ತರಿಸುವ ಮೂಲಕ ಪತ್ರಿಕಾ ದಿನಾಚರಣೆ ಆಚರಿಸಲಾಯಿತು. ಹಿರಿಯ ಪತ್ರಕರ್ತರು ಮಾತನಾಡಿ ಪತ್ರಿಕೋದ್ಯಮ ಬೆಳೆದು ಬಂದ ಹಾದಿಯನ್ನು ಮೆಲುಕು ಹಾಕಿದರು. ಸಮಾಜದ ನಾಲ್ಕನೇ ಅಂಗವಾಗಿ ಪತ್ರಿಕೆಗಳು ಜವಾಬ್ದಾರಿಯಿಂದ ಕಾರ್ಯನಿರ್ವಹಿಸಬೇಕು. ವಸ್ತುನಿಷ್ಠ ವರದಿಗಾರಿಕೆ ಇಂದಿನ ಅಗತ್ಯವಾಗಿದೆ ಎಂದರು. ಸಂಘದ ಪದಾಧಿಕಾರಿಗಳು, ಸದಸ್ಯರು, ಪತ್ರಕರ್ತರು ಪಾಲ್ಗೊಂಡಿದ್ದರು.

ರಾಯಚೂರು ಜಿಲ್ಲಾ ಕಾರ್ಯನಿರತ ಪತ್ರಕರ್ತರ ಸಂಘದ ವತಿಯಿಂದ ಪತ್ರಿಕಾ ಭವನದಲ್ಲಿ ಕೇಕ್ ಕತ್ತರಿಸುವ ಮೂಲಕ ಪತ್ರಿಕಾ ದಿನಾಚರಣೆ ಆಚರಿಸಲಾಯಿತು. ಹಿರಿಯ ಪತ್ರಕರ್ತರು ಮಾತನಾಡಿ ಪತ್ರಿಕೋದ್ಯಮ ಬೆಳೆದು ಬಂದ ಹಾದಿಯನ್ನು ಮೆಲುಕು ಹಾಕಿದರು. ಸಮಾಜದ ನಾಲ್ಕನೇ ಅಂಗವಾಗಿ ಪತ್ರಿಕೆಗಳು ಜವಾಬ್ದಾರಿಯಿಂದ ಕಾರ್ಯನಿರ್ವಹಿಸಬೇಕು. ವಸ್ತುನಿಷ್ಠ ವರದಿಗಾರಿಕೆ ಇಂದಿನ ಅಗತ್ಯವಾಗಿದೆ ಎಂದರು. ಸಂಘದ ಪದಾಧಿಕಾರಿಗಳು, ಸದಸ್ಯರು, ಪತ್ರಕರ್ತರು ಪಾಲ್ಗೊಂಡಿದ್ದರು.
